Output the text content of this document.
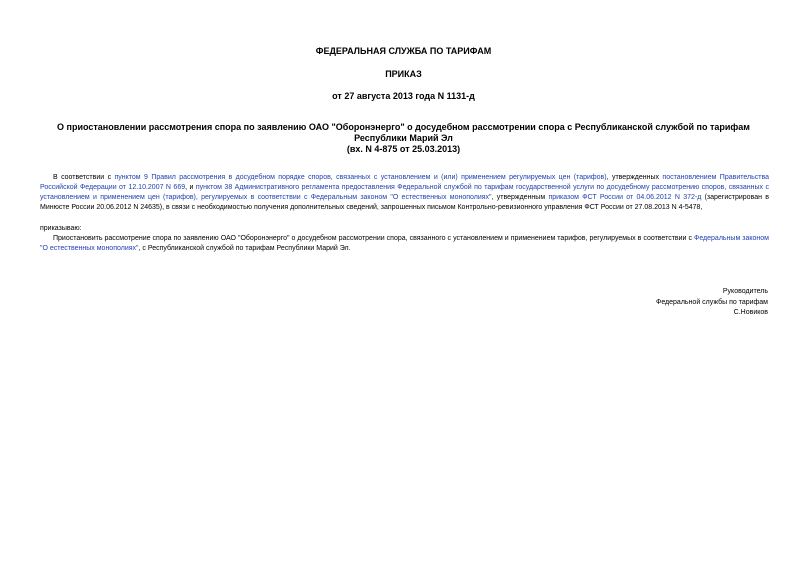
ФЕДЕРАЛЬНАЯ СЛУЖБА ПО ТАРИФАМ
ПРИКАЗ
от 27 августа 2013 года N 1131-д
О приостановлении рассмотрения спора по заявлению ОАО "Оборонэнерго" о досудебном рассмотрении спора с Республиканской службой по тарифам
Республики Марий Эл
(вх. N 4-875 от 25.03.2013)

В соответствии с пунктом 9 Правил рассмотрения в досудебном порядке споров, связанных с установлением и (или) применением регулируемых цен (тарифов), утвержденных постановлением Правительства Российской Федерации от 12.10.2007 N 669, и пунктом 38 Административного регламента предоставления Федеральной службой по тарифам государственной услуги по досудебному рассмотрению споров, связанных с установлением и применением цен (тарифов), регулируемых в соответствии с Федеральным законом "О естественных монополиях", утвержденным приказом ФСТ России от 04.06.2012 N 372-д (зарегистрирован в Минюсте России 20.06.2012 N 24635), в связи с необходимостью получения дополнительных сведений, запрошенных письмом Контрольно-ревизионного управления ФСТ России от 27.08.2013 N 4-5478,

приказываю:

Приостановить рассмотрение спора по заявлению ОАО "Оборонэнерго" о досудебном рассмотрении спора, связанного с установлением и применением тарифов, регулируемых в соответствии с Федеральным законом "О естественных монополиях", с Республиканской службой по тарифам Республики Марий Эл.

Руководитель
Федеральной службы по тарифам
С.Новиков
